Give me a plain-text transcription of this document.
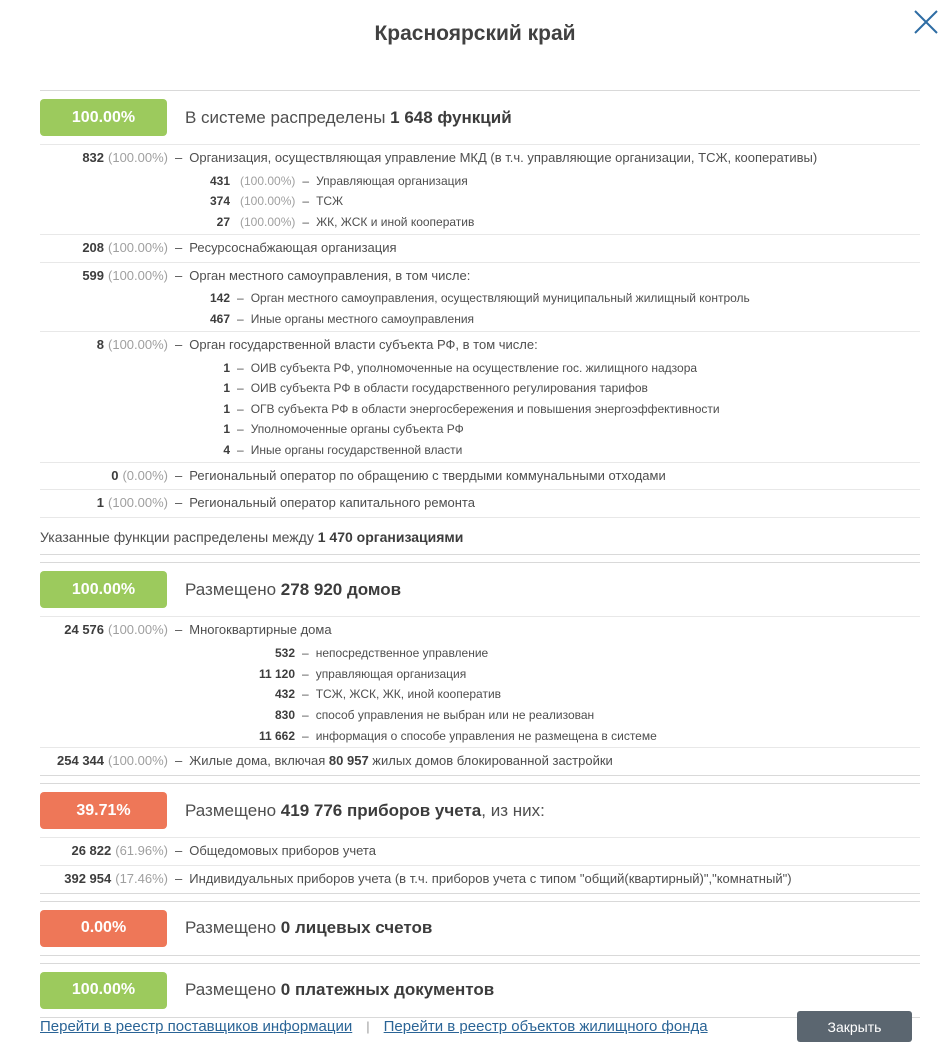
Красноярский край
100.00%	В системе распределены 1 648 функций
832 (100.00%) – Организация, осуществляющая управление МКД (в т.ч. управляющие организации, ТСЖ, кооперативы)
431 (100.00%) – Управляющая организация
374 (100.00%) – ТСЖ
27 (100.00%) – ЖК, ЖСК и иной кооператив
208 (100.00%) – Ресурсоснабжающая организация
599 (100.00%) – Орган местного самоуправления, в том числе:
142 – Орган местного самоуправления, осуществляющий муниципальный жилищный контроль
467 – Иные органы местного самоуправления
8 (100.00%) – Орган государственной власти субъекта РФ, в том числе:
1 – ОИВ субъекта РФ, уполномоченные на осуществление гос. жилищного надзора
1 – ОИВ субъекта РФ в области государственного регулирования тарифов
1 – ОГВ субъекта РФ в области энергосбережения и повышения энергоэффективности
1 – Уполномоченные органы субъекта РФ
4 – Иные органы государственной власти
0 (0.00%) – Региональный оператор по обращению с твердыми коммунальными отходами
1 (100.00%) – Региональный оператор капитального ремонта
Указанные функции распределены между 1 470 организациями
100.00%	Размещено 278 920 домов
24 576 (100.00%) – Многоквартирные дома
532 – непосредственное управление
11 120 – управляющая организация
432 – ТСЖ, ЖСК, ЖК, иной кооператив
830 – способ управления не выбран или не реализован
11 662 – информация о способе управления не размещена в системе
254 344 (100.00%) – Жилые дома, включая 80 957 жилых домов блокированной застройки
39.71%	Размещено 419 776 приборов учета, из них:
26 822 (61.96%) – Общедомовых приборов учета
392 954 (17.46%) – Индивидуальных приборов учета (в т.ч. приборов учета с типом "общий(квартирный)","комнатный")
0.00%	Размещено 0 лицевых счетов
100.00%	Размещено 0 платежных документов
Перейти в реестр поставщиков информации | Перейти в реестр объектов жилищного фонда	Закрыть
